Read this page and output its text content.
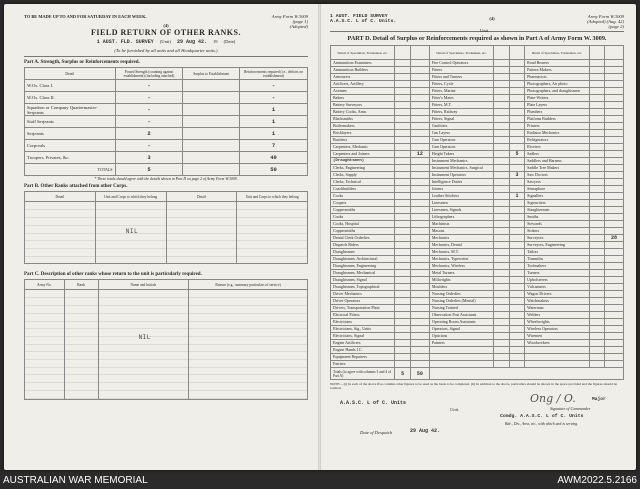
TO BE MADE UP TO AND FOR SATURDAY IN EACH WEEK.	Army Form W.3009
(page 1)
(Adopted)
(4)
FIELD RETURN OF OTHER RANKS.
1 AUST. FLD. SURVEY (Unit) 29 Aug 42. 19 (Date)
(To be furnished by all units and all Headquarter units.)
Part A. Strength, Surplus or Reinforcements required.
Detail	Posted Strength (counting against establishment) (including attached)	Surplus to Establishment	Reinforcements required (i.e., deficits on establishment)
W.Os. Class I.	-		-
W.Os. Class II.	-		-
Squadron or Company Quartermaster-Serjeants	-		1
Staff Serjeants	-		1
Serjeants	2		1
Corporals	-		7
Troopers, Privates, &c.	3		40
TOTALS	5		50
* These totals should agree with the details shown in Part D on page 2 of Army Form W.3009.
Part B. Other Ranks attached from other Corps.
Detail	Unit and Corps to which they belong	Detail	Unit and Corps to which they belong

	NIL		

Part C. Description of other ranks whose return to the unit is particularly required.
Army No.	Rank	Name and Initials	Reason (e.g., summary particulars of service)

		NIL	

1 AUST. FIELD SURVEY
A.A.S.C. L of C. Units.
(4)	Army Form W.3009
(Adopted) (Aug. 42)
(page 2)
Unit
PART D. Detail of Surplus or Reinforcements required as shown in Part A of Army Form W. 3009.
Detail of Specialists, Tradesmen, etc.			Detail of Specialists, Tradesmen, etc.			Detail of Specialists, Tradesmen, etc.		
Ammunition Examiners			Fire Control Operators			Road Bearers		
Ammunition Builders			Fitters			Pattern Makers		
Armourers			Fitters and Turners			Pharmacists		
Artificers, Artillery			Fitters, Cycle			Photographers, Air photo		
Axemen			Fitters, Marine			Photographers, and draughtsmen		
Bakers			Fitter's Mates			Plate-Writers		
Battery Surveyors			Fitters, M.T.			Plate Layers		
Battery Cooks, Amn.			Fitters, Railway			Plumbers		
Blacksmiths			Fitters, Signal			Platform Builders		
Boilermakers			Gasfitters			Printers		
Bricklayers			Gas Layers			Radiator Mechanics		
Butchers			Gun Operators			Refrigerators		
Carpenters, Mechanic			Gun Operators			Riveters		
Carpenters and Joiners		12	Height Takers		5	Sadlers		
(Draughtsmen)			Instrument Mechanics			Saddlers and Harness		
Clerks, Engineering			Instrument Mechanics, Surgical			Saddle Tree Makers		
Clerks, Supply			Instrument Operators		3	Saw Doctors		
Clerks, Technical			Intelligence Duties			Sawyers		
Coachbuilders			Joiners			Semaphore		
Cooks			Leather Stitchers		1	Signallers		
Coopers			Linesmen			Signwriters		
Coppersmiths			Linesmen, Signals			Slaughtermen		
Cooks			Lithographers			Smiths		
Cooks, Hospital			Machinists			Stewards		
Coppersmiths			Masons			Stokers		
Dental Clerk Orderlies			Mechanics			Surveyors		28
Dispatch Riders			Mechanics, Dental			Surveyors, Engineering		
Draughtsmen			Mechanics, M.T.			Tailors		
Draughtsmen, Architectural			Mechanics, Typewriter			Tinsmiths		
Draughtsmen, Engineering			Mechanics, Wireless			Toolmakers		
Draughtsmen, Mechanical			Metal Turners			Turners		
Draughtsmen, Signal			Millwrights			Upholsterers		
Draughtsmen, Topographical			Moulders			Vulcanisers		
Driver Mechanics			Nursing Orderlies			Wagon Drivers		
Driver Operators			Nursing Orderlies (Mental)			Watchmakers		
Drivers, Transportation Plant			Nursing Trained			Waterman		
Electrical Fitters			Observation Post Assistants			Welders		
Electricians			Operating Room Assistants			Wheelwrights		
Electricians, Sig., Units			Operators, Signal			Wireless Operators		
Electricians, Signal			Opticians			Wiremen		
Engine Artificers			Painters			Woodworkers		
Engine Hands I.C.								
Equipment Repairers								
Farriers								
Totals (to agree with columns 3 and 4 of Part A)	5	50						
NOTE:—(i) In each of the above five columns other figures to be used as the basis to be completed. (ii) In addition to the above, particulars should be shown in the space provided and the figures should be totalled.
A.A.S.C. L of C. Units
Unit.
Ong / O.	Major
Signature of Commander
Comdg. A.A.S.C. L of C. Units
Bde., Div., Area, etc., with which unit is serving.
Date of Despatch	29 Aug 42.
AUSTRALIAN WAR MEMORIAL	AWM2022.5.2166
